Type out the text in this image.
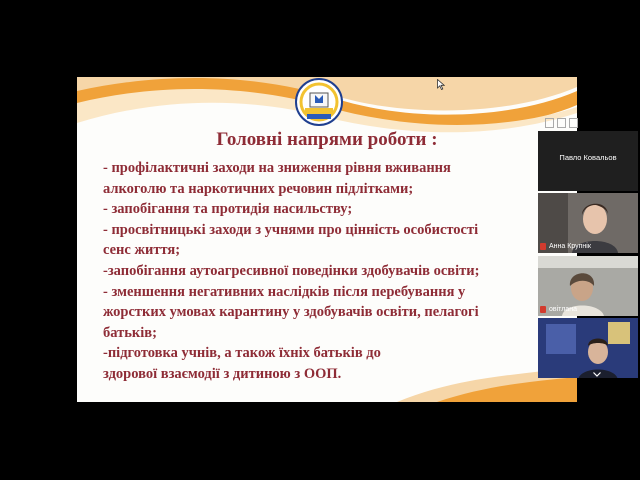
Головні напрями роботи :
- профілактичні заходи на зниження рівня вживання
алкоголю та наркотичних речовин підлітками;
- запобігання та протидія насильству;
- просвітницькі заходи з учнями про цінність особистості
сенс життя;
-запобігання аутоагресивної поведінки здобувачів освіти;
- зменшення негативних наслідків після перебування у
жорстких умовах карантину у здобувачів освіти, пелагогі
батьків;
-підготовка учнів, а також їхніх батьків до
здорової взаємодії з дитиною з ООП.
Павло Ковальов
Анна Крупнік
овітлана
